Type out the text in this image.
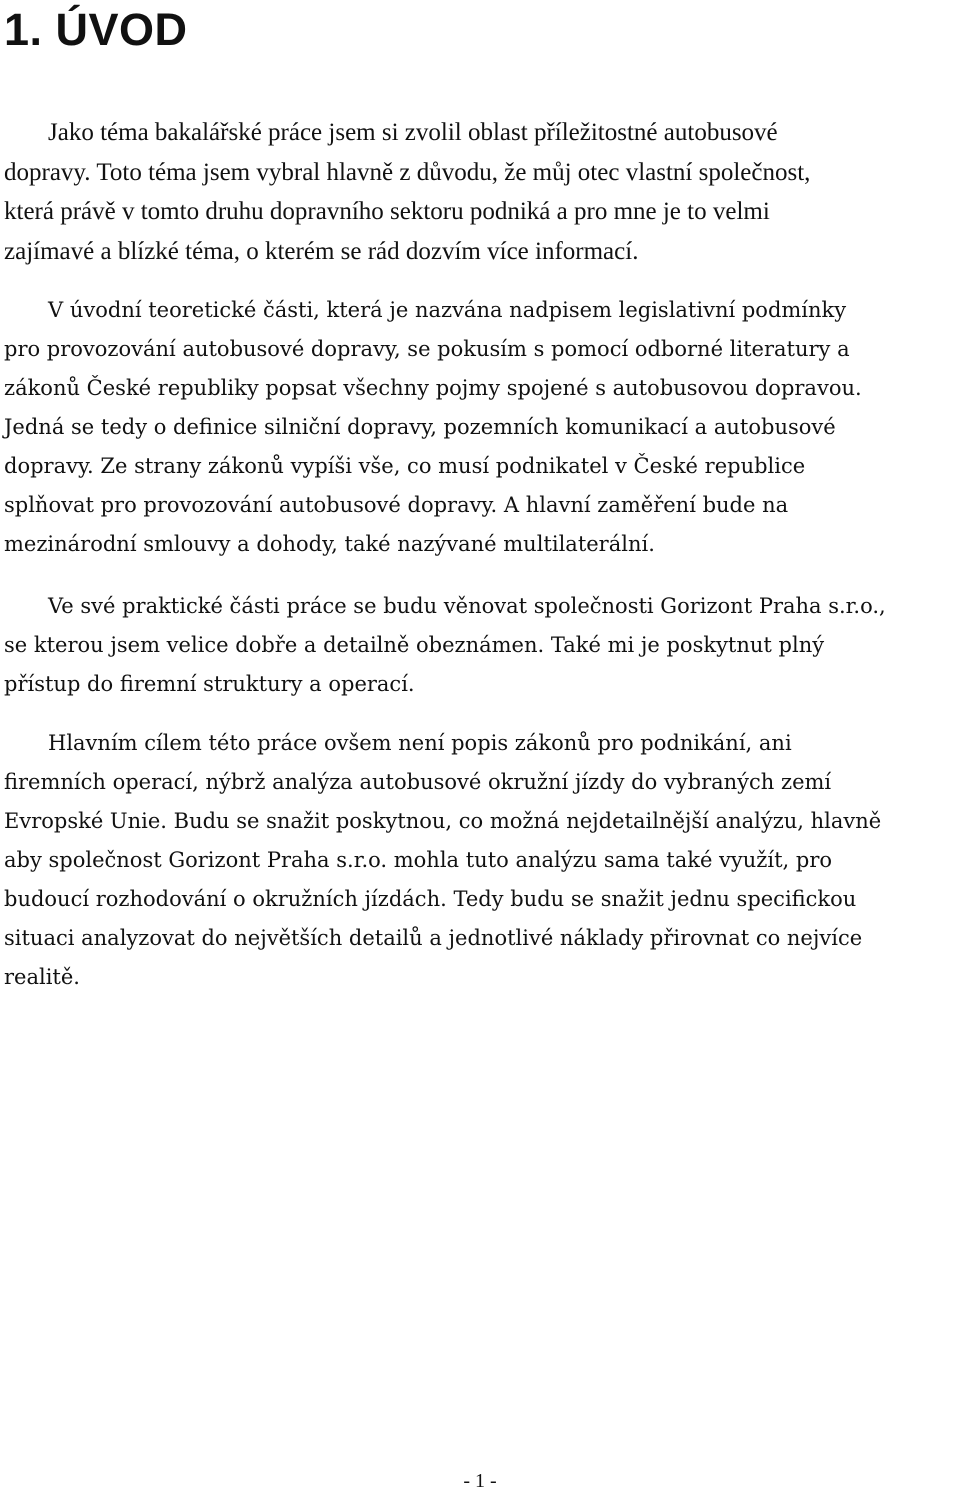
1. ÚVOD

Jako téma bakalářské práce jsem si zvolil oblast příležitostné autobusové
dopravy. Toto téma jsem vybral hlavně z důvodu, že můj otec vlastní společnost,
která právě v tomto druhu dopravního sektoru podniká a pro mne je to velmi
zajímavé a blízké téma, o kterém se rád dozvím více informací.

V úvodní teoretické části, která je nazvána nadpisem legislativní podmínky
pro provozování autobusové dopravy, se pokusím s pomocí odborné literatury a
zákonů České republiky popsat všechny pojmy spojené s autobusovou dopravou.
Jedná se tedy o definice silniční dopravy, pozemních komunikací a autobusové
dopravy. Ze strany zákonů vypíši vše, co musí podnikatel v České republice
splňovat pro provozování autobusové dopravy. A hlavní zaměření bude na
mezinárodní smlouvy a dohody, také nazývané multilaterální.

Ve své praktické části práce se budu věnovat společnosti Gorizont Praha s.r.o.,
se kterou jsem velice dobře a detailně obeznámen. Také mi je poskytnut plný
přístup do firemní struktury a operací.

Hlavním cílem této práce ovšem není popis zákonů pro podnikání, ani
firemních operací, nýbrž analýza autobusové okružní jízdy do vybraných zemí
Evropské Unie. Budu se snažit poskytnou, co možná nejdetailnější analýzu, hlavně
aby společnost Gorizont Praha s.r.o. mohla tuto analýzu sama také využít, pro
budoucí rozhodování o okružních jízdách. Tedy budu se snažit jednu specifickou
situaci analyzovat do největších detailů a jednotlivé náklady přirovnat co nejvíce
realitě.

- 1 -
